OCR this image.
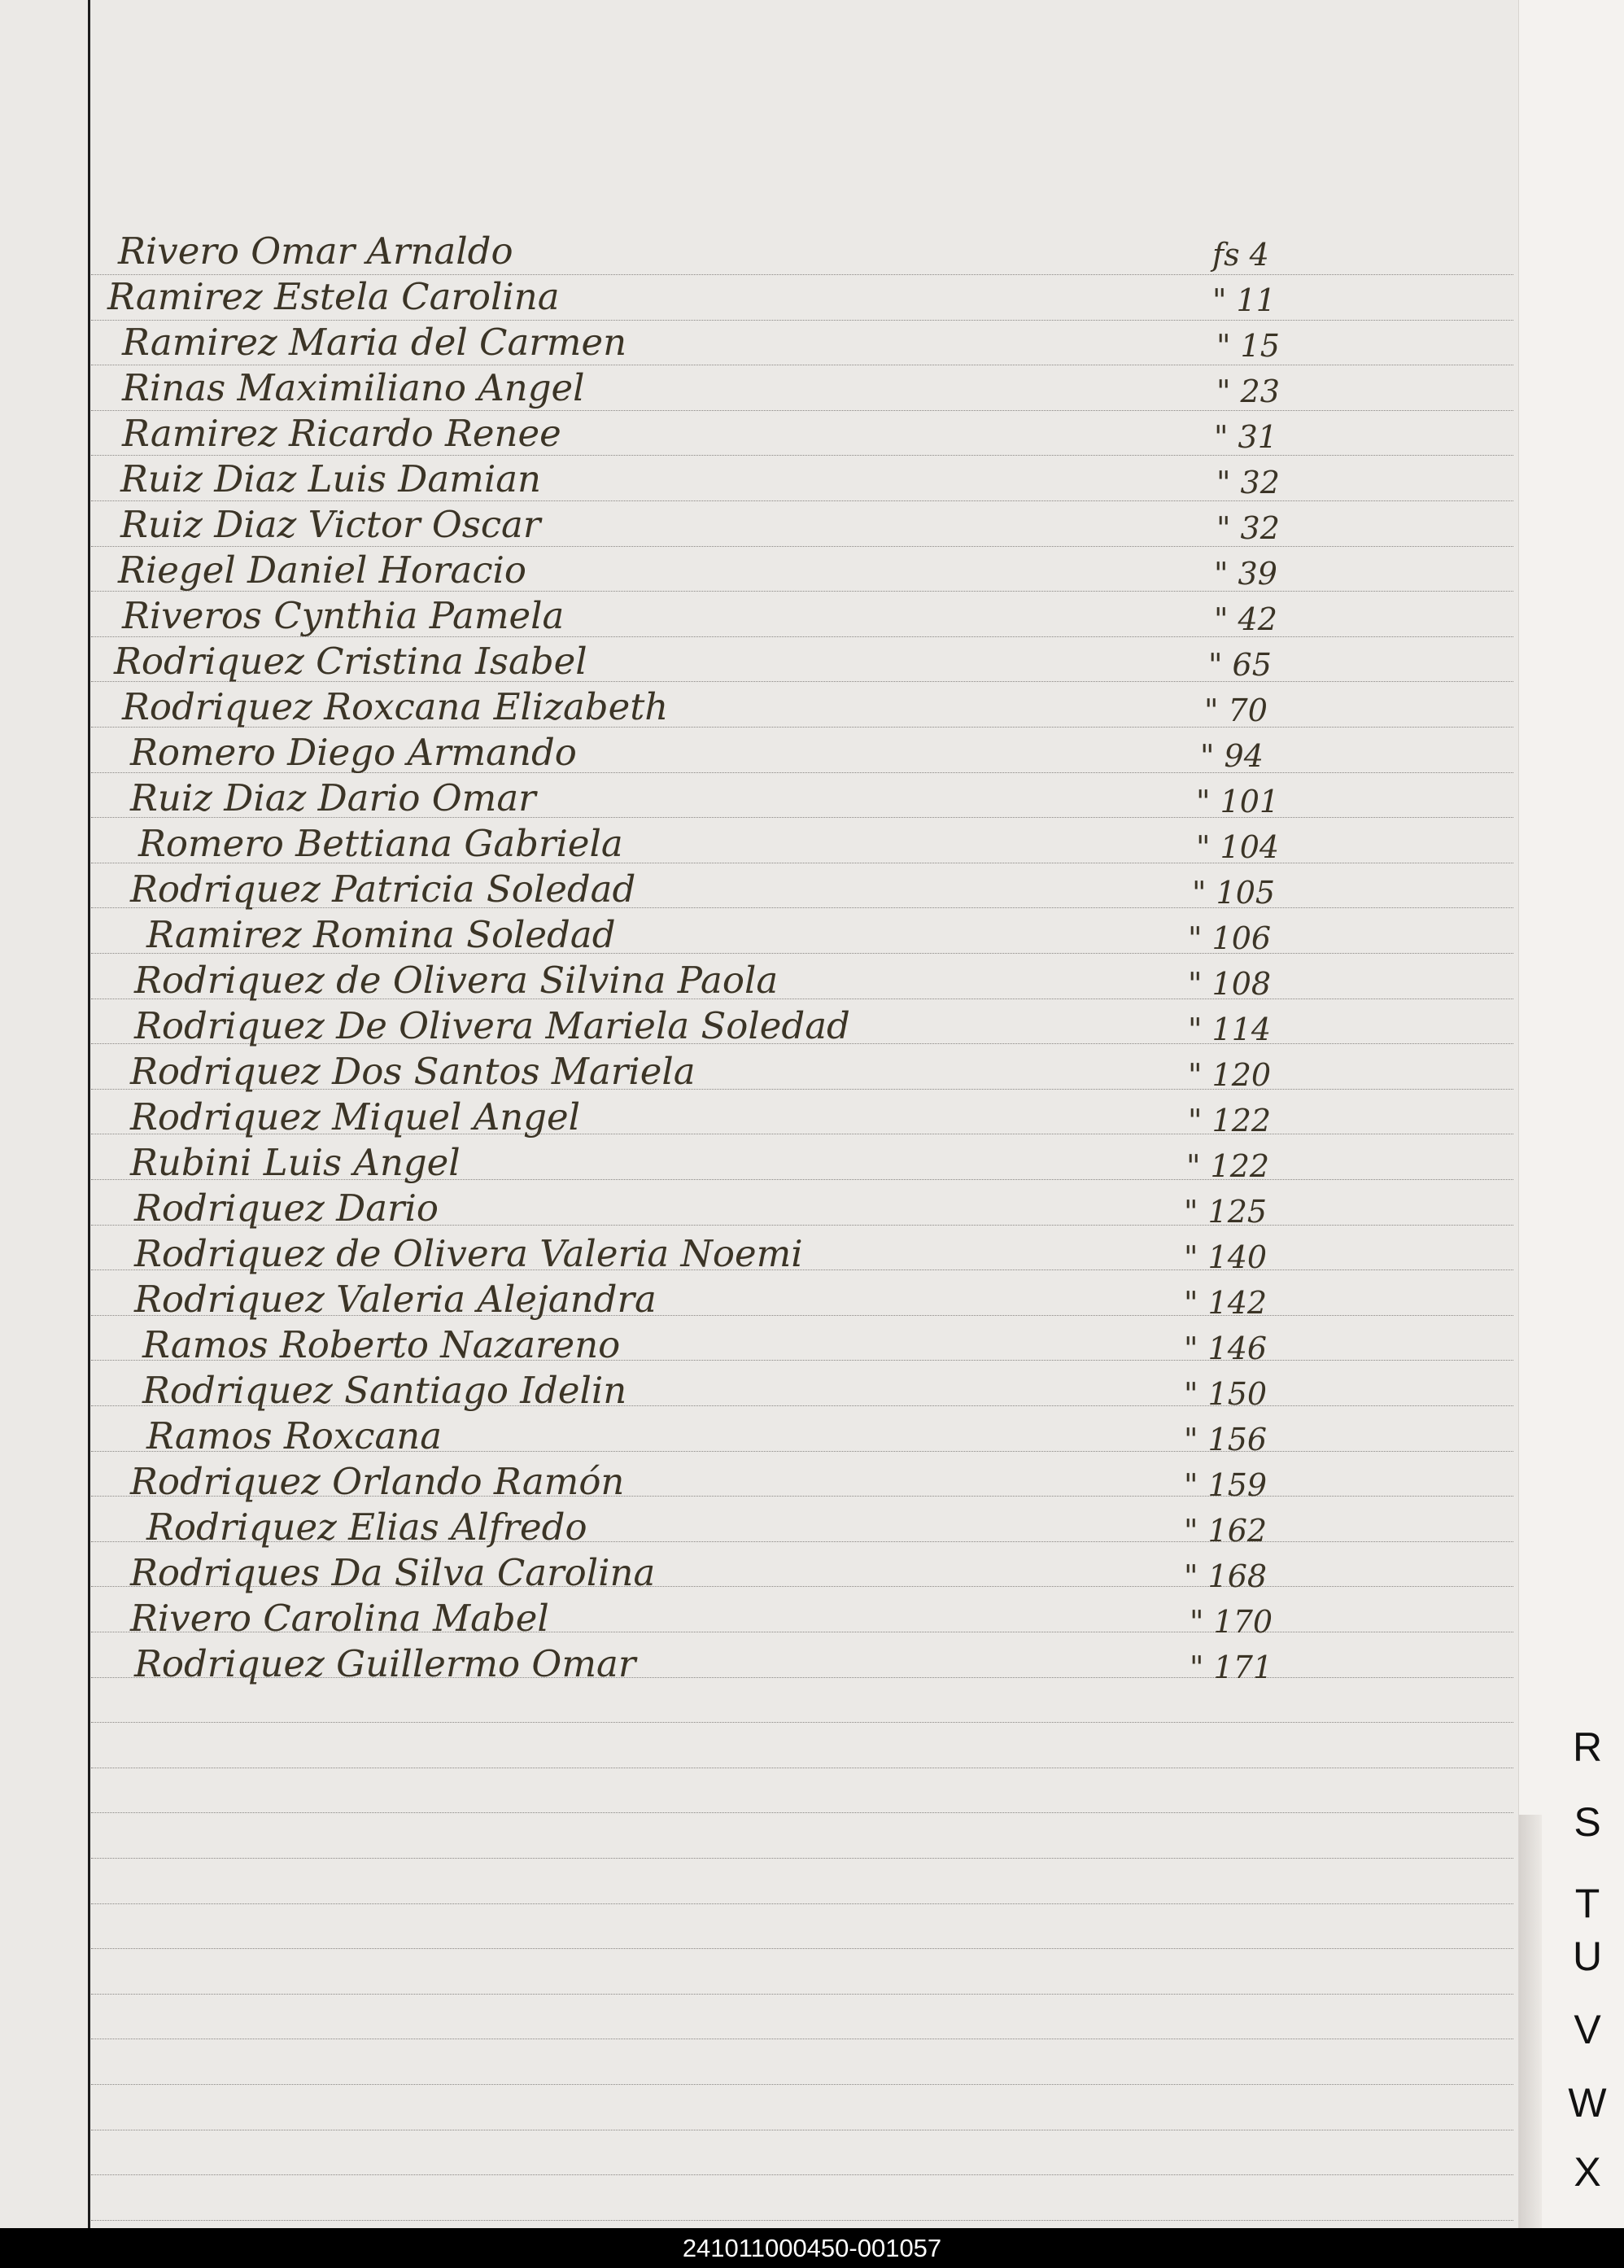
Rivero Omar Arnaldo	fs 4
Ramirez Estela Carolina	" 11
Ramirez Maria del Carmen	" 15
Rinas Maximiliano Angel	" 23
Ramirez Ricardo Renee	" 31
Ruiz Diaz Luis Damian	" 32
Ruiz Diaz Victor Oscar	" 32
Riegel Daniel Horacio	" 39
Riveros Cynthia Pamela	" 42
Rodriquez Cristina Isabel	" 65
Rodriquez Roxcana Elizabeth	" 70
Romero Diego Armando	" 94
Ruiz Diaz Dario Omar	" 101
Romero Bettiana Gabriela	" 104
Rodriquez Patricia Soledad	" 105
Ramirez Romina Soledad	" 106
Rodriquez de Olivera Silvina Paola	" 108
Rodriquez De Olivera Mariela Soledad	" 114
Rodriquez Dos Santos Mariela	" 120
Rodriquez Miquel Angel	" 122
Rubini Luis Angel	" 122
Rodriquez Dario	" 125
Rodriquez de Olivera Valeria Noemi	" 140
Rodriquez Valeria Alejandra	" 142
Ramos Roberto Nazareno	" 146
Rodriquez Santiago Idelin	" 150
Ramos Roxcana	" 156
Rodriquez Orlando Ramón	" 159
Rodriquez Elias Alfredo	" 162
Rodriques Da Silva Carolina	" 168
Rivero Carolina Mabel	" 170
Rodriquez Guillermo Omar	" 171
R
S
T
U
V
W
X
241011000450-001057
